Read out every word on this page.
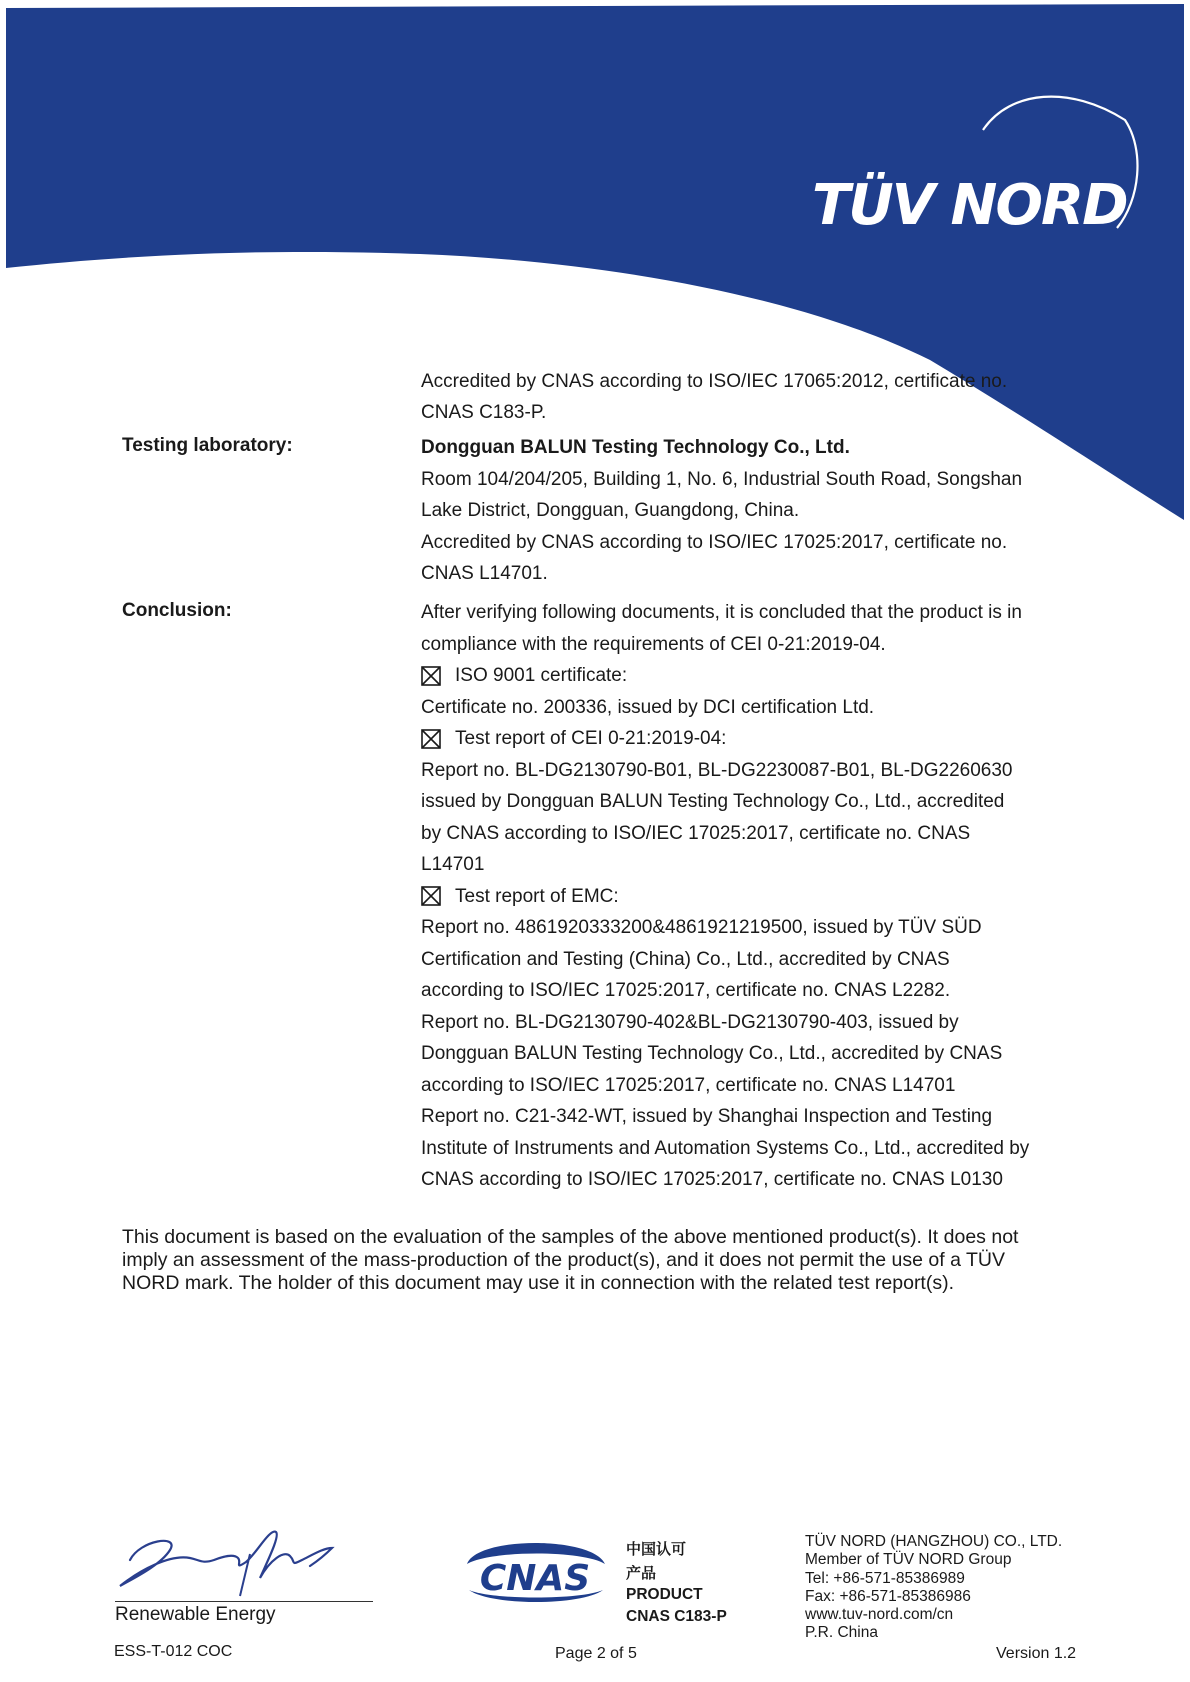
TÜV NORD
Accredited by CNAS according to ISO/IEC 17065:2012, certificate no.
CNAS C183-P.
Testing laboratory:	Dongguan BALUN Testing Technology Co., Ltd.

Room 104/204/205, Building 1, No. 6, Industrial South Road, Songshan

Lake District, Dongguan, Guangdong, China.

Accredited by CNAS according to ISO/IEC 17025:2017, certificate no.

CNAS L14701.

Conclusion:	After verifying following documents, it is concluded that the product is in

compliance with the requirements of CEI 0-21:2019-04.

ISO 9001 certificate:

Certificate no. 200336, issued by DCI certification Ltd.

Test report of CEI 0-21:2019-04:

Report no. BL-DG2130790-B01, BL-DG2230087-B01, BL-DG2260630

issued by Dongguan BALUN Testing Technology Co., Ltd., accredited

by CNAS according to ISO/IEC 17025:2017, certificate no. CNAS

L14701

Test report of EMC:

Report no. 4861920333200&4861921219500, issued by TÜV SÜD

Certification and Testing (China) Co., Ltd., accredited by CNAS

according to ISO/IEC 17025:2017, certificate no. CNAS L2282.

Report no. BL-DG2130790-402&BL-DG2130790-403, issued by

Dongguan BALUN Testing Technology Co., Ltd., accredited by CNAS

according to ISO/IEC 17025:2017, certificate no. CNAS L14701

Report no. C21-342-WT, issued by Shanghai Inspection and Testing

Institute of Instruments and Automation Systems Co., Ltd., accredited by

CNAS according to ISO/IEC 17025:2017, certificate no. CNAS L0130

This document is based on the evaluation of the samples of the above mentioned product(s). It does not
imply an assessment of the mass-production of the product(s), and it does not permit the use of a TÜV
NORD mark. The holder of this document may use it in connection with the related test report(s).
Renewable Energy
ESS-T-012 COC
CNAS
中国认可
产品
PRODUCT
CNAS C183-P
Page 2 of 5
TÜV NORD (HANGZHOU) CO., LTD.
Member of TÜV NORD Group
Tel: +86-571-85386989
Fax: +86-571-85386986
www.tuv-nord.com/cn
P.R. China
Version 1.2
